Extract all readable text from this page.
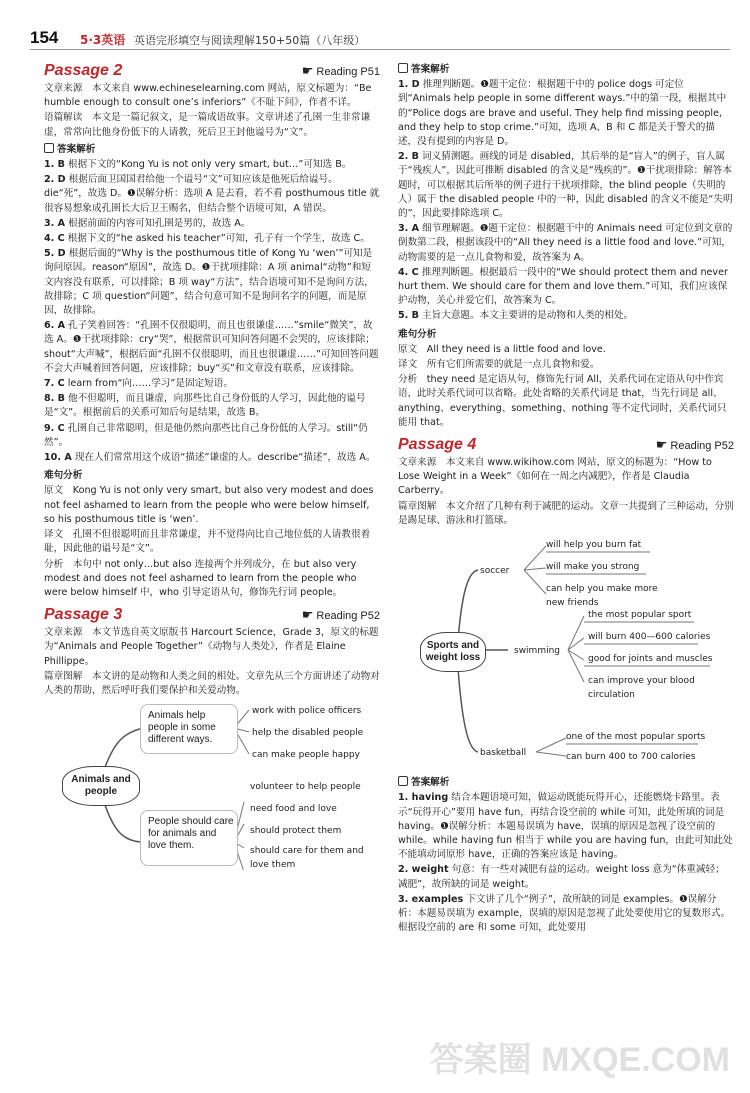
154 5·3英语 英语完形填空与阅读理解150+50篇（八年级）
Passage 2	☛ Reading P51

文章来源　本文来自 www.echineselearning.com 网站，原文标题为：“Be humble enough to consult one’s inferiors”《不耻下问》，作者不详。

语篇解读　本文是一篇记叙文，是一篇成语故事。文章讲述了孔圉一生非常谦虚，常常向比他身份低下的人请教，死后卫王封他谥号为“文”。

答案解析

1. B 根据下文的“Kong Yu is not only very smart, but…”可知选 B。

2. D 根据后面卫国国君给他一个谥号“文”可知应该是他死后给谥号。die“死”，故选 D。❶误解分析：选项 A 是去看，若不看 posthumous title 就很容易想象成孔圉长大后卫王赐名，但结合整个语境可知，A 错误。

3. A 根据前面的内容可知孔圉是男的，故选 A。

4. C 根据下文的“he asked his teacher”可知，孔子有一个学生，故选 C。

5. D 根据后面的“Why is the posthumous title of Kong Yu ‘wen’”可知是询问原因。reason“原因”，故选 D。❶干扰项排除：A 项 animal“动物”和短文内容没有联系，可以排除；B 项 way“方法”，结合语境可知不是询问方法，故排除；C 项 question“问题”，结合句意可知不是询问名字的问题，而是原因，故排除。

6. A 孔子笑着回答：“孔圉不仅很聪明，而且也很谦虚……”smile“微笑”，故选 A。❶干扰项排除：cry“哭”，根据常识可知问答问题不会哭的，应该排除；shout“大声喊”，根据后面“孔圉不仅很聪明，而且也很谦虚……”可知回答问题不会大声喊着回答问题，应该排除；buy“买”和文章没有联系，应该排除。

7. C learn from“向……学习”是固定短语。

8. B 他不但聪明，而且谦虚，向那些比自己身份低的人学习，因此他的谥号是“文”。根据前后的关系可知后句是结果，故选 B。

9. C 孔圉自己非常聪明，但是他仍然向那些比自己身份低的人学习。still“仍然”。

10. A 现在人们常常用这个成语“描述”谦虚的人。describe“描述”，故选 A。

难句分析

原文　Kong Yu is not only very smart, but also very modest and does not feel ashamed to learn from the people who were below himself, so his posthumous title is ‘wen’.

译文　孔圉不但很聪明而且非常谦虚，并不觉得向比自己地位低的人请教很着耻，因此他的谥号是“文”。

分析　本句中 not only…but also 连接两个并列成分，在 but also very modest and does not feel ashamed to learn from the people who were below himself 中，who 引导定语从句，修饰先行词 people。

Passage 3	☛ Reading P52

文章来源　本文节选自英文原版书 Harcourt Science，Grade 3，原文的标题为“Animals and People Together”《动物与人类处》，作者是 Elaine Phillippe。

篇章图解　本文讲的是动物和人类之间的相处。文章先从三个方面讲述了动物对人类的帮助，然后呼吁我们要保护和关爱动物。

Animals and people
Animals help people in some different ways.
work with police officers
help the disabled people
can make people happy
People should care for animals and love them.
volunteer to help people
need food and love
should protect them
should care for them and love them
答案解析

1. D 推理判断题。❶题干定位：根据题干中的 police dogs 可定位到“Animals help people in some different ways.”中的第一段，根据其中的“Police dogs are brave and useful. They help find missing people, and they help to stop crime.”可知，选项 A、B 和 C 都是关于警犬的描述，没有提到的内容是 D。

2. B 词义猜测题。画线的词是 disabled，其后举的是“盲人”的例子，盲人属于“残疾人”，因此可推断 disabled 的含义是“残疾的”。❶干扰项排除：解答本题时，可以根据其后所举的例子进行干扰项排除，the blind people（失明的人）属于 the disabled people 中的一种，因此 disabled 的含义不能是“失明的”，因此要排除选项 C。

3. A 细节理解题。❶题干定位：根据题干中的 Animals need 可定位到文章的倒数第二段，根据该段中的“All they need is a little food and love.”可知，动物需要的是一点儿食物和爱，故答案为 A。

4. C 推理判断题。根据最后一段中的“We should protect them and never hurt them. We should care for them and love them.”可知，我们应该保护动物，关心并爱它们，故答案为 C。

5. B 主旨大意题。本文主要讲的是动物和人类的相处。

难句分析

原文　All they need is a little food and love.

译文　所有它们所需要的就是一点儿食物和爱。

分析　they need 是定语从句，修饰先行词 All，关系代词在定语从句中作宾语，此时关系代词可以省略。此处省略的关系代词是 that，当先行词是 all、anything、everything、something、nothing 等不定代词时，关系代词只能用 that。

Passage 4	☛ Reading P52

文章来源　本文来自 www.wikihow.com 网站，原文的标题为：“How to Lose Weight in a Week”《如何在一周之内减肥》，作者是 Claudia Carberry。

篇章图解　本文介绍了几种有利于减肥的运动。文章一共提到了三种运动，分别是踢足球、游泳和打篮球。

Sports and weight loss
soccer
will help you burn fat
will make you strong
can help you make more new friends
swimming
the most popular sport
will burn 400—600 calories
good for joints and muscles
can improve your blood circulation
basketball
one of the most popular sports
can burn 400 to 700 calories
答案解析

1. having 结合本题语境可知，做运动既能玩得开心，还能燃烧卡路里。表示“玩得开心”要用 have fun，再结合设空前的 while 可知，此处所填的词是 having。❶误解分析：本题易误填为 have，误填的原因是忽视了设空前的 while。while having fun 相当于 while you are having fun，由此可知此处不能填动词原形 have，正确的答案应该是 having。

2. weight 句意：有一些对减肥有益的运动。weight loss 意为“体重减轻；减肥”，故所缺的词是 weight。

3. examples 下文讲了几个“例子”，故所缺的词是 examples。❶误解分析：本题易误填为 example，误填的原因是忽视了此处要使用它的复数形式。根据设空前的 are 和 some 可知，此处要用

答案圈 MXQE.COM
